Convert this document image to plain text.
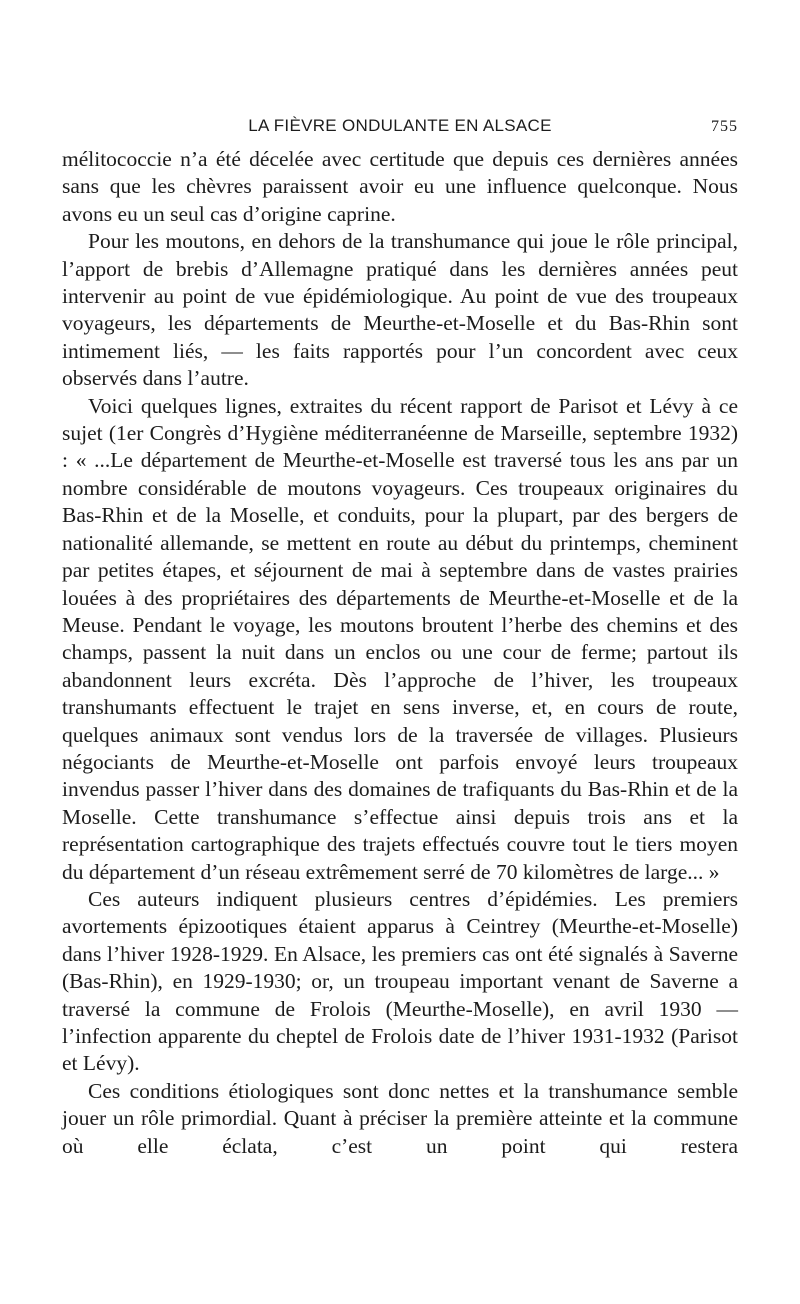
LA FIÈVRE ONDULANTE EN ALSACE	755

mélitococcie n’a été décelée avec certitude que depuis ces dernières années sans que les chèvres paraissent avoir eu une influence quelconque. Nous avons eu un seul cas d’origine caprine.

Pour les moutons, en dehors de la transhumance qui joue le rôle principal, l’apport de brebis d’Allemagne pratiqué dans les dernières années peut intervenir au point de vue épidémiologique. Au point de vue des troupeaux voyageurs, les départements de Meurthe-et-Moselle et du Bas-Rhin sont intimement liés, — les faits rapportés pour l’un concordent avec ceux observés dans l’autre.

Voici quelques lignes, extraites du récent rapport de Parisot et Lévy à ce sujet (1er Congrès d’Hygiène méditerranéenne de Marseille, septembre 1932) : « ...Le département de Meurthe-et-Moselle est traversé tous les ans par un nombre considérable de moutons voyageurs. Ces troupeaux originaires du Bas-Rhin et de la Moselle, et conduits, pour la plupart, par des bergers de nationalité allemande, se mettent en route au début du printemps, cheminent par petites étapes, et séjournent de mai à septembre dans de vastes prairies louées à des propriétaires des départements de Meurthe-et-Moselle et de la Meuse. Pendant le voyage, les moutons broutent l’herbe des chemins et des champs, passent la nuit dans un enclos ou une cour de ferme; partout ils abandonnent leurs excréta. Dès l’approche de l’hiver, les troupeaux transhumants effectuent le trajet en sens inverse, et, en cours de route, quelques animaux sont vendus lors de la traversée de villages. Plusieurs négociants de Meurthe-et-Moselle ont parfois envoyé leurs troupeaux invendus passer l’hiver dans des domaines de trafiquants du Bas-Rhin et de la Moselle. Cette transhumance s’effectue ainsi depuis trois ans et la représentation cartographique des trajets effectués couvre tout le tiers moyen du département d’un réseau extrêmement serré de 70 kilomètres de large... »

Ces auteurs indiquent plusieurs centres d’épidémies. Les premiers avortements épizootiques étaient apparus à Ceintrey (Meurthe-et-Moselle) dans l’hiver 1928-1929. En Alsace, les premiers cas ont été signalés à Saverne (Bas-Rhin), en 1929-1930; or, un troupeau important venant de Saverne a traversé la commune de Frolois (Meurthe-Moselle), en avril 1930 — l’infection apparente du cheptel de Frolois date de l’hiver 1931-1932 (Parisot et Lévy).

Ces conditions étiologiques sont donc nettes et la transhumance semble jouer un rôle primordial. Quant à préciser la première atteinte et la commune où elle éclata, c’est un point qui restera
